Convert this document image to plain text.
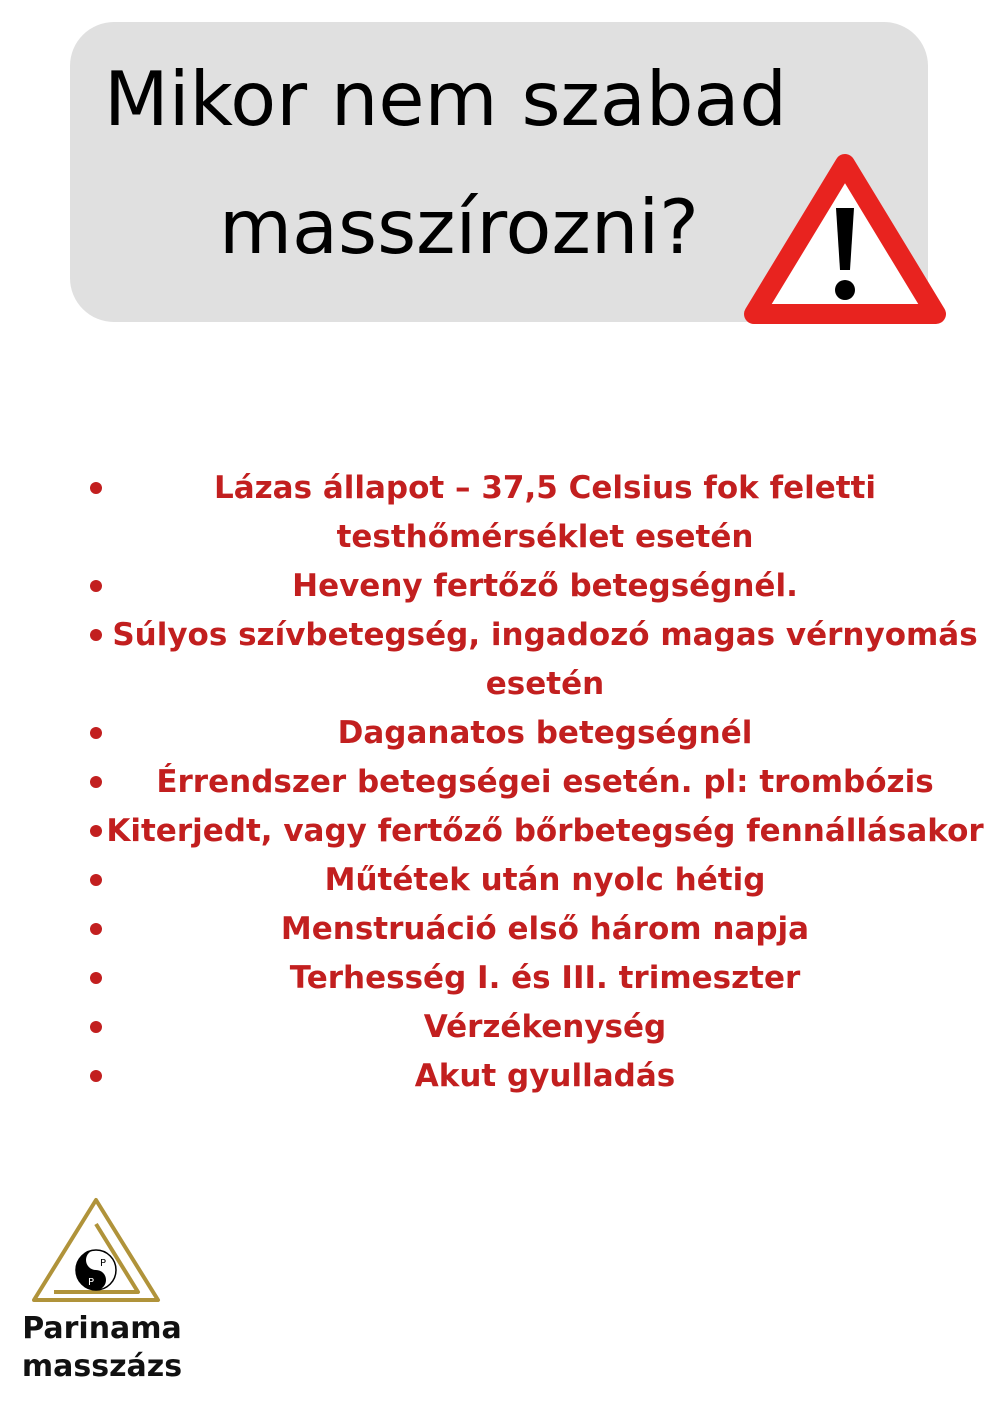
Mikor nem szabad
masszírozni?
Lázas állapot – 37,5 Celsius fok feletti testhőmérséklet esetén
Heveny fertőző betegségnél.
Súlyos szívbetegség, ingadozó magas vérnyomás esetén
Daganatos betegségnél
Érrendszer betegségei esetén. pl: trombózis
Kiterjedt, vagy fertőző bőrbetegség fennállásakor
Műtétek után nyolc hétig
Menstruáció első három napja
Terhesség I. és III. trimeszter
Vérzékenység
Akut gyulladás
P
P
Parinama
masszázs
